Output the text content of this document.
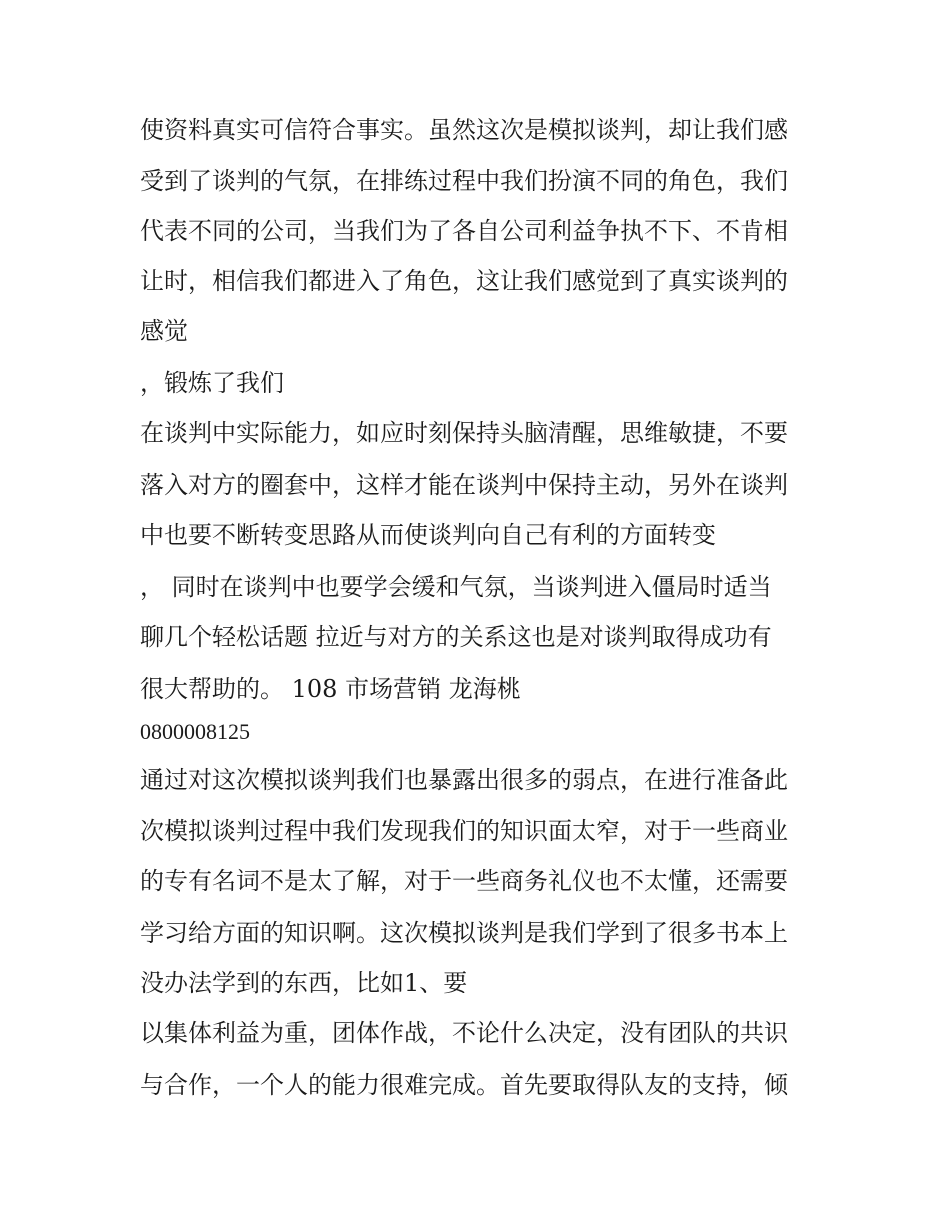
使资料真实可信符合事实。虽然这次是模拟谈判，却让我们感
受到了谈判的气氛，在排练过程中我们扮演不同的角色，我们
代表不同的公司，当我们为了各自公司利益争执不下、不肯相
让时，相信我们都进入了角色，这让我们感觉到了真实谈判的
感觉
，锻炼了我们
在谈判中实际能力，如应时刻保持头脑清醒，思维敏捷，不要
落入对方的圈套中，这样才能在谈判中保持主动，另外在谈判
中也要不断转变思路从而使谈判向自己有利的方面转变
， 同时在谈判中也要学会缓和气氛，当谈判进入僵局时适当
聊几个轻松话题 拉近与对方的关系这也是对谈判取得成功有
很大帮助的。 108 市场营销 龙海桃
0800008125
通过对这次模拟谈判我们也暴露出很多的弱点，在进行准备此
次模拟谈判过程中我们发现我们的知识面太窄，对于一些商业
的专有名词不是太了解，对于一些商务礼仪也不太懂，还需要
学习给方面的知识啊。这次模拟谈判是我们学到了很多书本上
没办法学到的东西，比如1、要
以集体利益为重，团体作战，不论什么决定，没有团队的共识
与合作，一个人的能力很难完成。首先要取得队友的支持，倾
